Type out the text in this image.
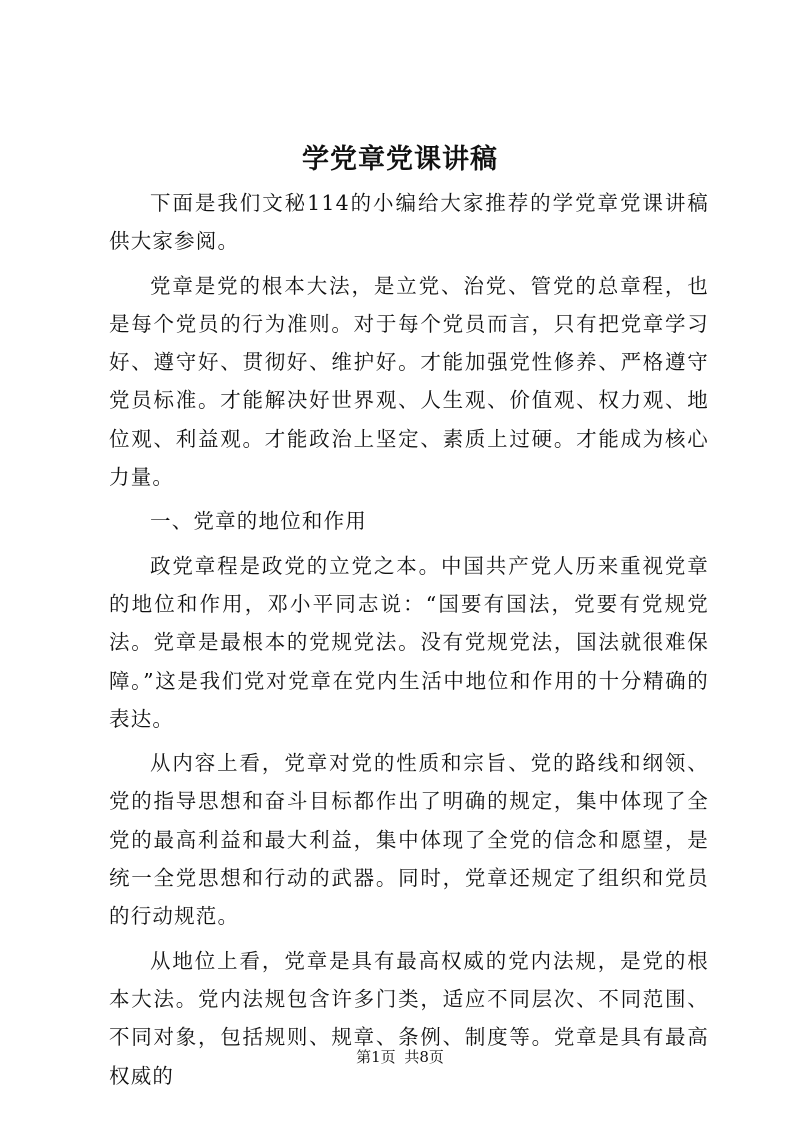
学党章党课讲稿

下面是我们文秘114的小编给大家推荐的学党章党课讲稿供大家参阅。

党章是党的根本大法，是立党、治党、管党的总章程，也是每个党员的行为准则。对于每个党员而言，只有把党章学习好、遵守好、贯彻好、维护好。才能加强党性修养、严格遵守党员标准。才能解决好世界观、人生观、价值观、权力观、地位观、利益观。才能政治上坚定、素质上过硬。才能成为核心力量。

一、党章的地位和作用

政党章程是政党的立党之本。中国共产党人历来重视党章的地位和作用，邓小平同志说：“国要有国法，党要有党规党法。党章是最根本的党规党法。没有党规党法，国法就很难保障。”这是我们党对党章在党内生活中地位和作用的十分精确的表达。

从内容上看，党章对党的性质和宗旨、党的路线和纲领、党的指导思想和奋斗目标都作出了明确的规定，集中体现了全党的最高利益和最大利益，集中体现了全党的信念和愿望，是统一全党思想和行动的武器。同时，党章还规定了组织和党员的行动规范。

从地位上看，党章是具有最高权威的党内法规，是党的根本大法。党内法规包含许多门类，适应不同层次、不同范围、不同对象，包括规则、规章、条例、制度等。党章是具有最高权威的

第1页 共8页
